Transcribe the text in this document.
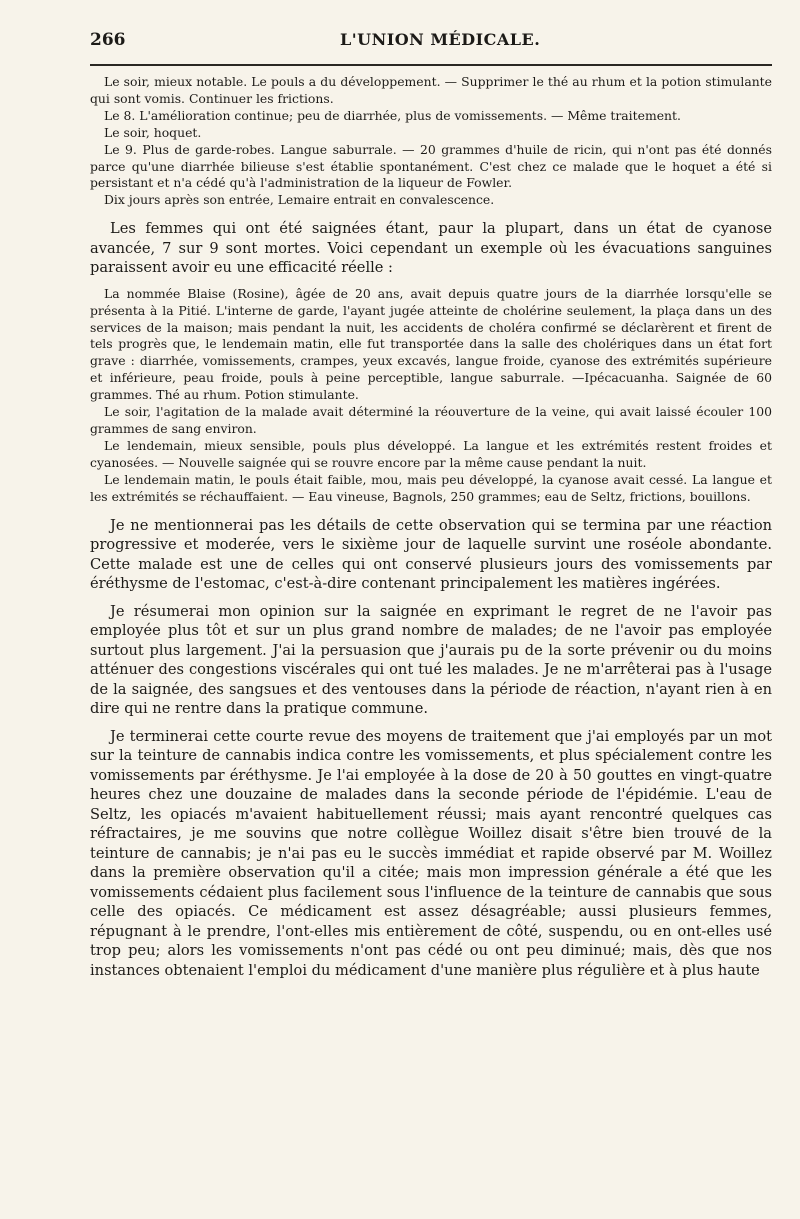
266	L'UNION MÉDICALE.

Le soir, mieux notable. Le pouls a du développement. — Supprimer le thé au rhum et la potion stimulante qui sont vomis. Continuer les frictions.

Le 8. L'amélioration continue; peu de diarrhée, plus de vomissements. — Même traitement.

Le soir, hoquet.

Le 9. Plus de garde-robes. Langue saburrale. — 20 grammes d'huile de ricin, qui n'ont pas été donnés parce qu'une diarrhée bilieuse s'est établie spontanément. C'est chez ce malade que le hoquet a été si persistant et n'a cédé qu'à l'administration de la liqueur de Fowler.

Dix jours après son entrée, Lemaire entrait en convalescence.

Les femmes qui ont été saignées étant, paur la plupart, dans un état de cyanose avancée, 7 sur 9 sont mortes. Voici cependant un exemple où les évacuations sanguines paraissent avoir eu une efficacité réelle :

La nommée Blaise (Rosine), âgée de 20 ans, avait depuis quatre jours de la diarrhée lorsqu'elle se présenta à la Pitié. L'interne de garde, l'ayant jugée atteinte de cholérine seulement, la plaça dans un des services de la maison; mais pendant la nuit, les accidents de choléra confirmé se déclarèrent et firent de tels progrès que, le lendemain matin, elle fut transportée dans la salle des cholériques dans un état fort grave : diarrhée, vomissements, crampes, yeux excavés, langue froide, cyanose des extrémités supérieure et inférieure, peau froide, pouls à peine perceptible, langue saburrale. —Ipécacuanha. Saignée de 60 grammes. Thé au rhum. Potion stimulante.

Le soir, l'agitation de la malade avait déterminé la réouverture de la veine, qui avait laissé écouler 100 grammes de sang environ.

Le lendemain, mieux sensible, pouls plus développé. La langue et les extrémités restent froides et cyanosées. — Nouvelle saignée qui se rouvre encore par la même cause pendant la nuit.

Le lendemain matin, le pouls était faible, mou, mais peu développé, la cyanose avait cessé. La langue et les extrémités se réchauffaient. — Eau vineuse, Bagnols, 250 grammes; eau de Seltz, frictions, bouillons.

Je ne mentionnerai pas les détails de cette observation qui se termina par une réaction progressive et moderée, vers le sixième jour de laquelle survint une roséole abondante. Cette malade est une de celles qui ont conservé plusieurs jours des vomissements par éréthysme de l'estomac, c'est-à-dire contenant principalement les matières ingérées.

Je résumerai mon opinion sur la saignée en exprimant le regret de ne l'avoir pas employée plus tôt et sur un plus grand nombre de malades; de ne l'avoir pas employée surtout plus largement. J'ai la persuasion que j'aurais pu de la sorte prévenir ou du moins atténuer des congestions viscérales qui ont tué les malades. Je ne m'arrêterai pas à l'usage de la saignée, des sangsues et des ventouses dans la période de réaction, n'ayant rien à en dire qui ne rentre dans la pratique commune.

Je terminerai cette courte revue des moyens de traitement que j'ai employés par un mot sur la teinture de cannabis indica contre les vomissements, et plus spécialement contre les vomissements par éréthysme. Je l'ai employée à la dose de 20 à 50 gouttes en vingt-quatre heures chez une douzaine de malades dans la seconde période de l'épidémie. L'eau de Seltz, les opiacés m'avaient habituellement réussi; mais ayant rencontré quelques cas réfractaires, je me souvins que notre collègue Woillez disait s'être bien trouvé de la teinture de cannabis; je n'ai pas eu le succès immédiat et rapide observé par M. Woillez dans la première observation qu'il a citée; mais mon impression générale a été que les vomissements cédaient plus facilement sous l'influence de la teinture de cannabis que sous celle des opiacés. Ce médicament est assez désagréable; aussi plusieurs femmes, répugnant à le prendre, l'ont-elles mis entièrement de côté, suspendu, ou en ont-elles usé trop peu; alors les vomissements n'ont pas cédé ou ont peu diminué; mais, dès que nos instances obtenaient l'emploi du médicament d'une manière plus régulière et à plus haute
